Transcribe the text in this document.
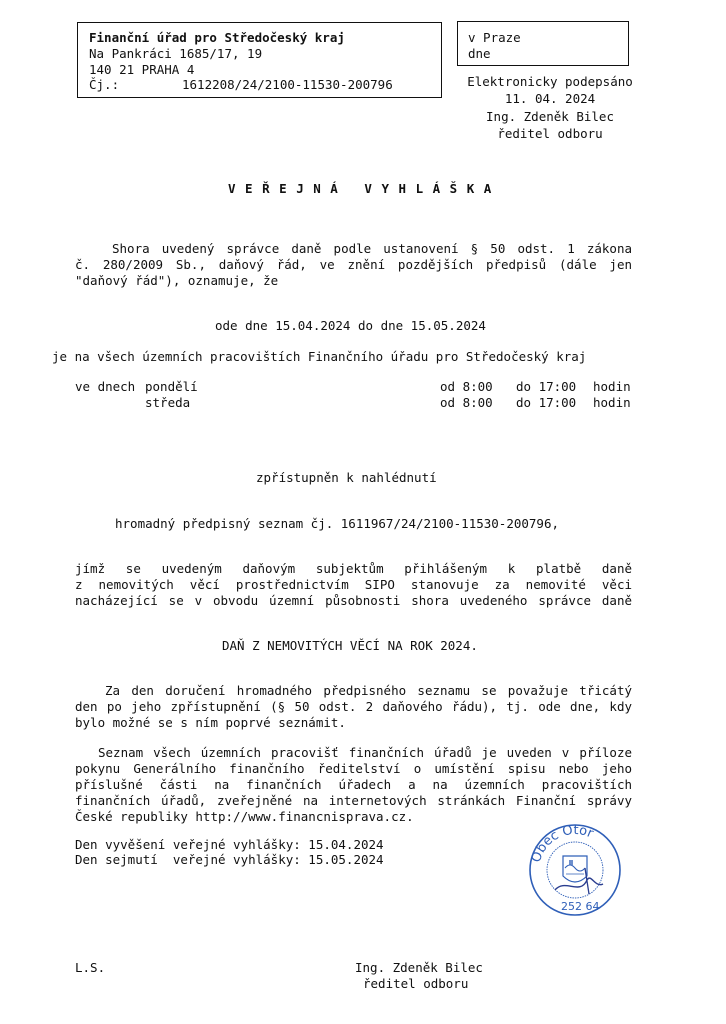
Finanční úřad pro Středočeský kraj
Na Pankráci 1685/17, 19
140 21 PRAHA 4
Čj.:	1612208/24/2100-11530-200796
v Praze
dne
Elektronicky podepsáno
11. 04. 2024
Ing. Zdeněk Bilec
ředitel odboru
V E Ř E J N Á   V Y H L Á Š K A
Shora uvedený správce daně podle ustanovení § 50 odst. 1 zákona
č. 280/2009 Sb., daňový řád, ve znění pozdějších předpisů (dále jen
"daňový řád"), oznamuje, že
ode dne 15.04.2024 do dne 15.05.2024
je na všech územních pracovištích Finančního úřadu pro Středočeský kraj
ve dnech pondělí	od 8:00 do 17:00 hodin
středa	od 8:00 do 17:00 hodin
zpřístupněn k nahlédnutí
hromadný předpisný seznam čj. 1611967/24/2100-11530-200796,
jímž se uvedeným daňovým subjektům přihlášeným k platbě daně
z nemovitých věcí prostřednictvím SIPO stanovuje za nemovité věci
nacházející se v obvodu územní působnosti shora uvedeného správce daně
DAŇ Z NEMOVITÝCH VĚCÍ NA ROK 2024.
Za den doručení hromadného předpisného seznamu se považuje třicátý
den po jeho zpřístupnění (§ 50 odst. 2 daňového řádu), tj. ode dne, kdy
bylo možné se s ním poprvé seznámit.
Seznam všech územních pracovišť finančních úřadů je uveden v příloze
pokynu Generálního finančního ředitelství o umístění spisu nebo jeho
příslušné části na finančních úřadech a na územních pracovištích
finančních úřadů, zveřejněné na internetových stránkách Finanční správy
České republiky http://www.financnisprava.cz.
Den vyvěšení veřejné vyhlášky: 15.04.2024
Den sejmutí  veřejné vyhlášky: 15.05.2024	Obec Otor
252 64
L.S.	Ing. Zdeněk Bilec
ředitel odboru
